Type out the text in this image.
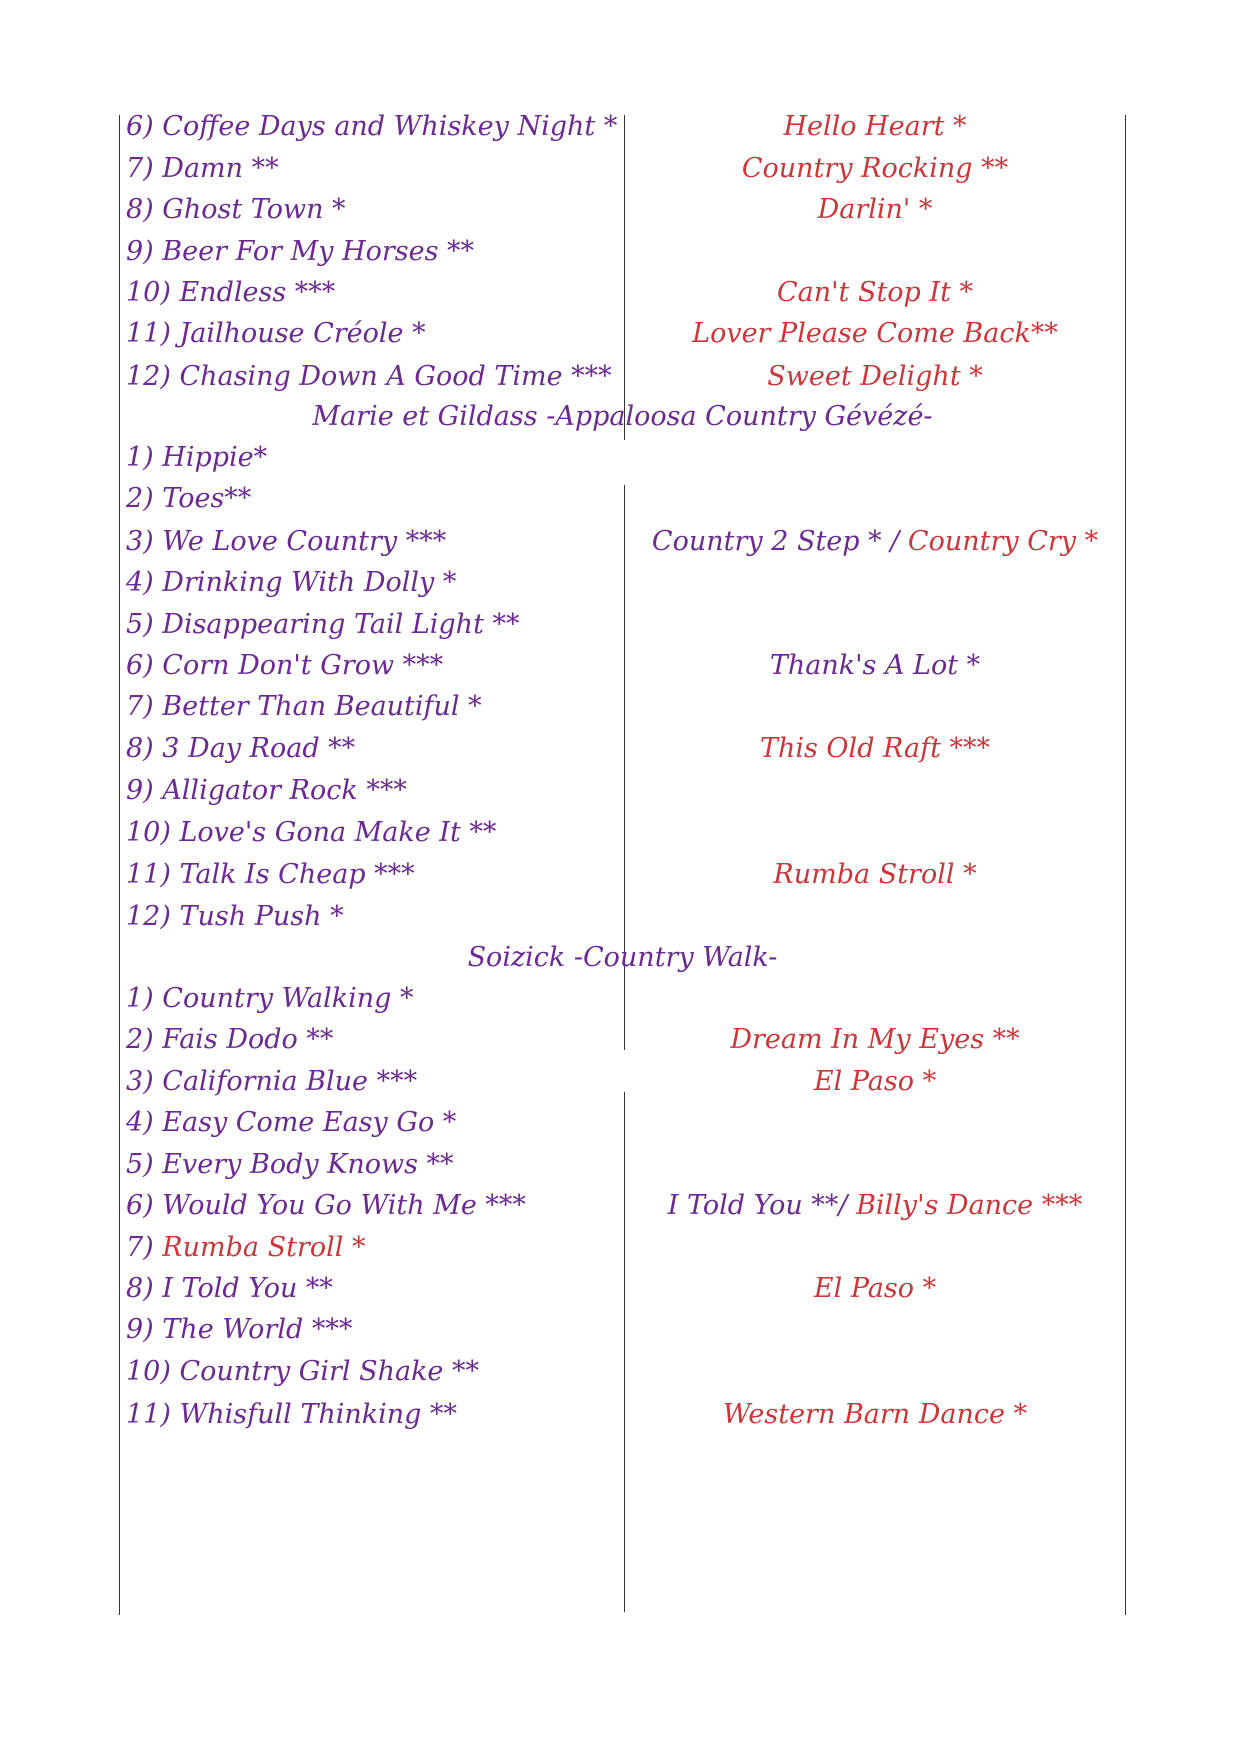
6) Coffee Days and Whiskey Night *	Hello Heart *
7) Damn **	Country Rocking **
8) Ghost Town *	Darlin' *
9) Beer For My Horses **
10) Endless ***	Can't Stop It *
11) Jailhouse Créole *	Lover Please Come Back**
12) Chasing Down A Good Time ***	Sweet Delight *
Marie et Gildass -Appaloosa Country Gévézé-
1) Hippie*
2) Toes**
3) We Love Country ***	Country 2 Step * / Country Cry *
4) Drinking With Dolly *
5) Disappearing Tail Light **
6) Corn Don't Grow ***	Thank's A Lot *
7) Better Than Beautiful *
8) 3 Day Road **	This Old Raft ***
9) Alligator Rock ***
10) Love's Gona Make It **
11) Talk Is Cheap ***	Rumba Stroll *
12) Tush Push *
Soizick -Country Walk-
1) Country Walking *
2) Fais Dodo **	Dream In My Eyes **
3) California Blue ***	El Paso *
4) Easy Come Easy Go *
5) Every Body Knows **
6) Would You Go With Me ***	I Told You **/ Billy's Dance ***
7) Rumba Stroll *
8) I Told You **	El Paso *
9) The World ***
10) Country Girl Shake **
11) Whisfull Thinking **	Western Barn Dance *
